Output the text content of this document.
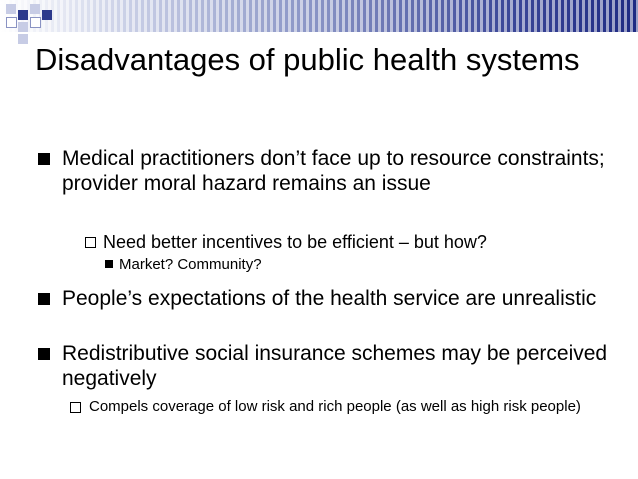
Disadvantages of public health systems
Medical practitioners don’t face up to resource constraints; provider moral hazard remains an issue
Need better incentives to be efficient – but how?
Market? Community?
People’s expectations of the health service are unrealistic
Redistributive social insurance schemes may be perceived negatively
Compels coverage of low risk and rich people (as well as high risk people)
